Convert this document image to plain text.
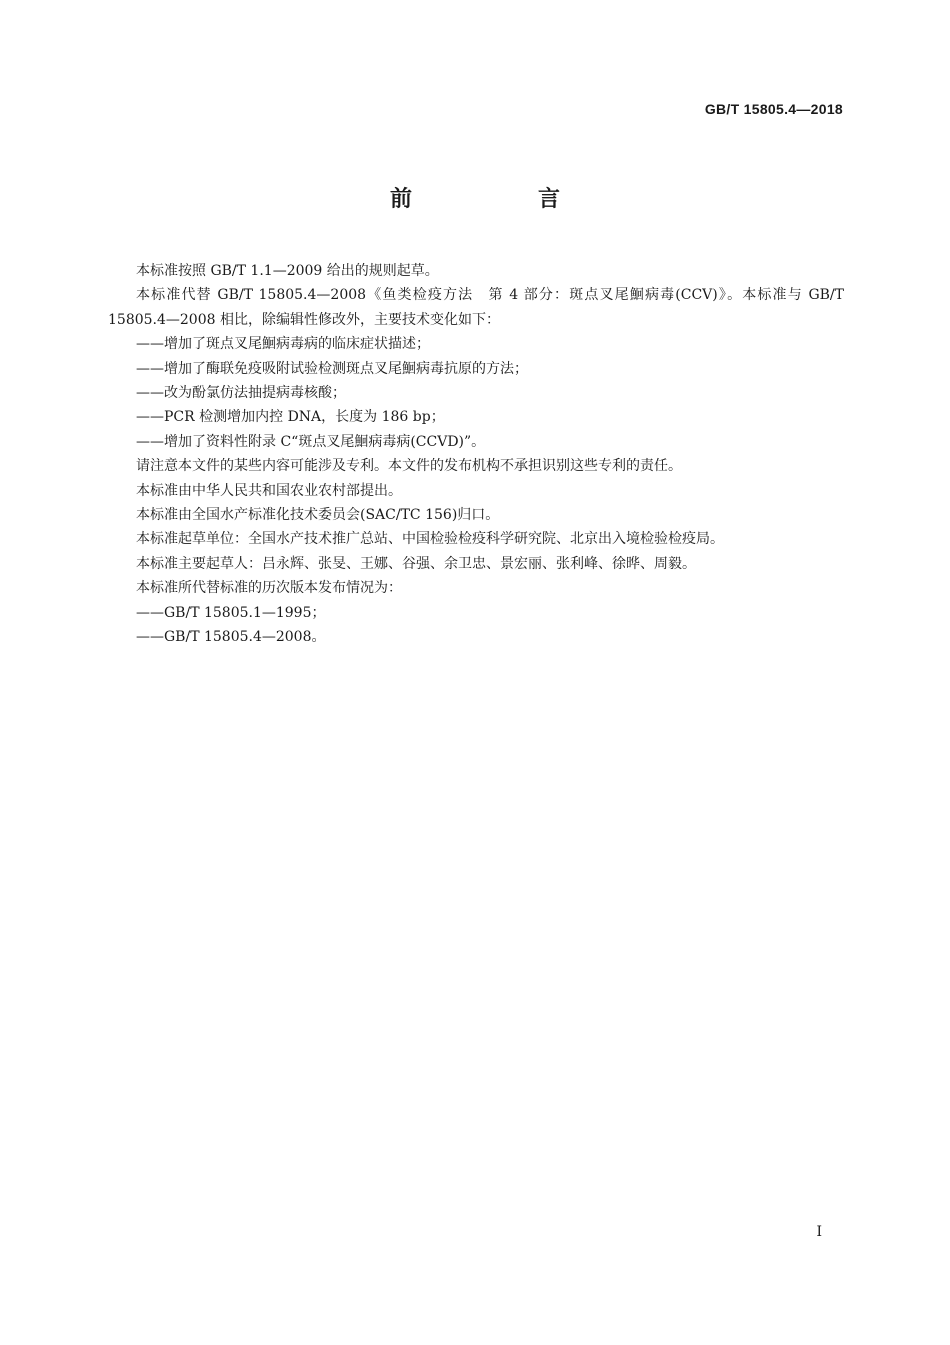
GB/T 15805.4—2018
前　言

本标准按照 GB/T 1.1—2009 给出的规则起草。

本标准代替 GB/T 15805.4—2008《鱼类检疫方法　第 4 部分：斑点叉尾鮰病毒(CCV)》。本标准与 GB/T 15805.4—2008 相比，除编辑性修改外，主要技术变化如下：

——增加了斑点叉尾鮰病毒病的临床症状描述；

——增加了酶联免疫吸附试验检测斑点叉尾鮰病毒抗原的方法；

——改为酚氯仿法抽提病毒核酸；

——PCR 检测增加内控 DNA，长度为 186 bp；

——增加了资料性附录 C“斑点叉尾鮰病毒病(CCVD)”。

请注意本文件的某些内容可能涉及专利。本文件的发布机构不承担识别这些专利的责任。

本标准由中华人民共和国农业农村部提出。

本标准由全国水产标准化技术委员会(SAC/TC 156)归口。

本标准起草单位：全国水产技术推广总站、中国检验检疫科学研究院、北京出入境检验检疫局。

本标准主要起草人：吕永辉、张旻、王娜、谷强、余卫忠、景宏丽、张利峰、徐晔、周毅。

本标准所代替标准的历次版本发布情况为：

——GB/T 15805.1—1995；

——GB/T 15805.4—2008。

I
